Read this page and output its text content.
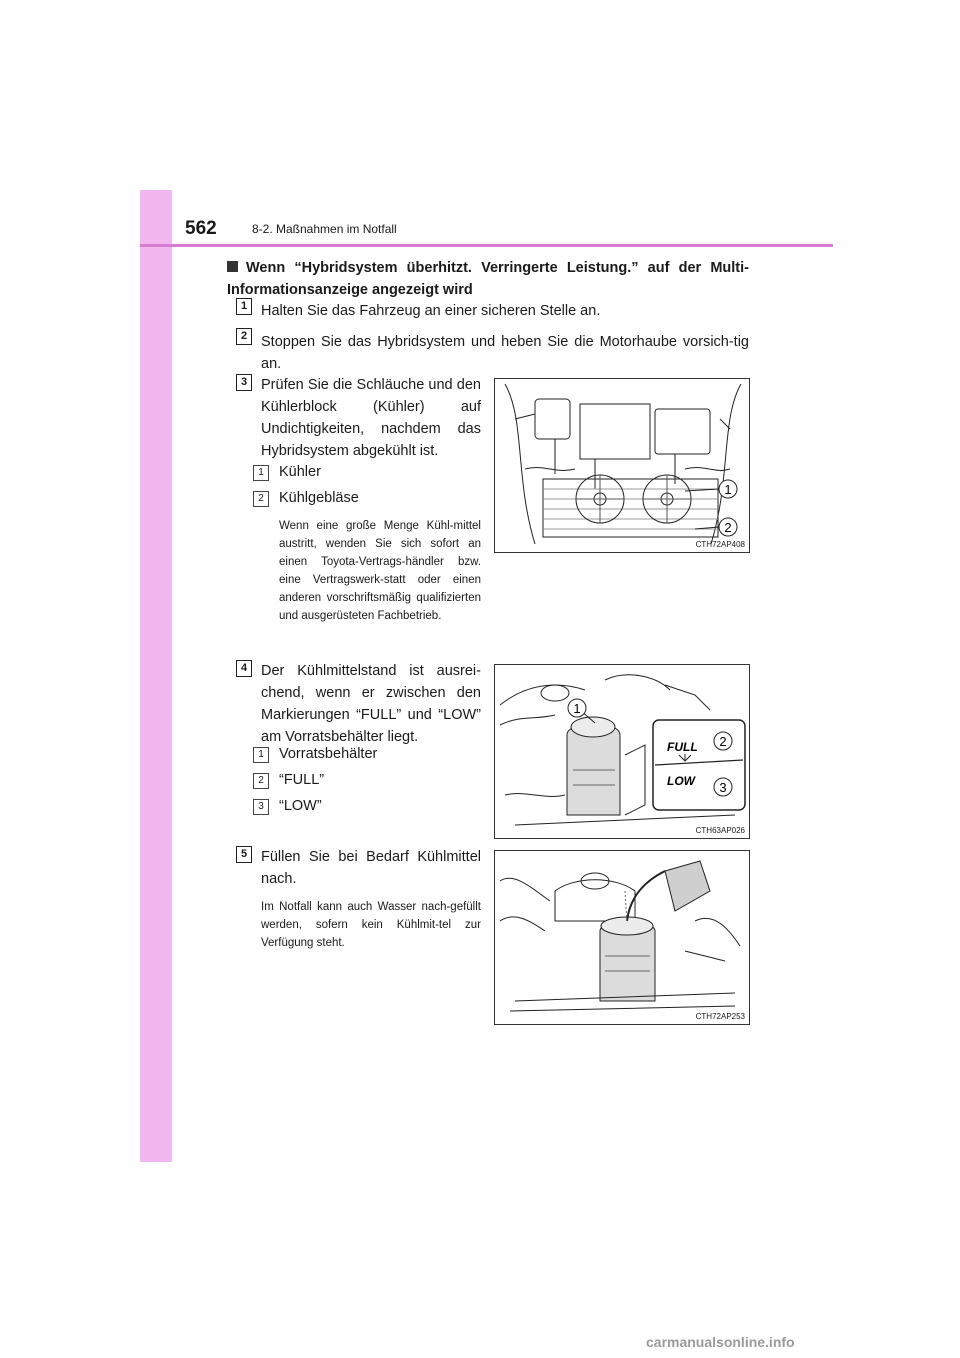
562	8-2. Maßnahmen im Notfall
Wenn “Hybridsystem überhitzt. Verringerte Leistung.” auf der Multi-Informationsanzeige angezeigt wird
1 Halten Sie das Fahrzeug an einer sicheren Stelle an.
2 Stoppen Sie das Hybridsystem und heben Sie die Motorhaube vorsich-tig an.
3 Prüfen Sie die Schläuche und den Kühlerblock (Kühler) auf Undichtigkeiten, nachdem das Hybridsystem abgekühlt ist.
1 Kühler
2 Kühlgebläse
Wenn eine große Menge Kühl-mittel austritt, wenden Sie sich sofort an einen Toyota-Vertrags-händler bzw. eine Vertragswerk-statt oder einen anderen vorschriftsmäßig qualifizierten und ausgerüsteten Fachbetrieb.
1
2
CTH72AP408
4 Der Kühlmittelstand ist ausrei-chend, wenn er zwischen den Markierungen “FULL” und “LOW” am Vorratsbehälter liegt.
1 Vorratsbehälter
2 “FULL”
3 “LOW”
FULL
LOW
1
2
3
CTH63AP026
5 Füllen Sie bei Bedarf Kühlmittel nach.
Im Notfall kann auch Wasser nach-gefüllt werden, sofern kein Kühlmit-tel zur Verfügung steht.
CTH72AP253
carmanualsonline.info
